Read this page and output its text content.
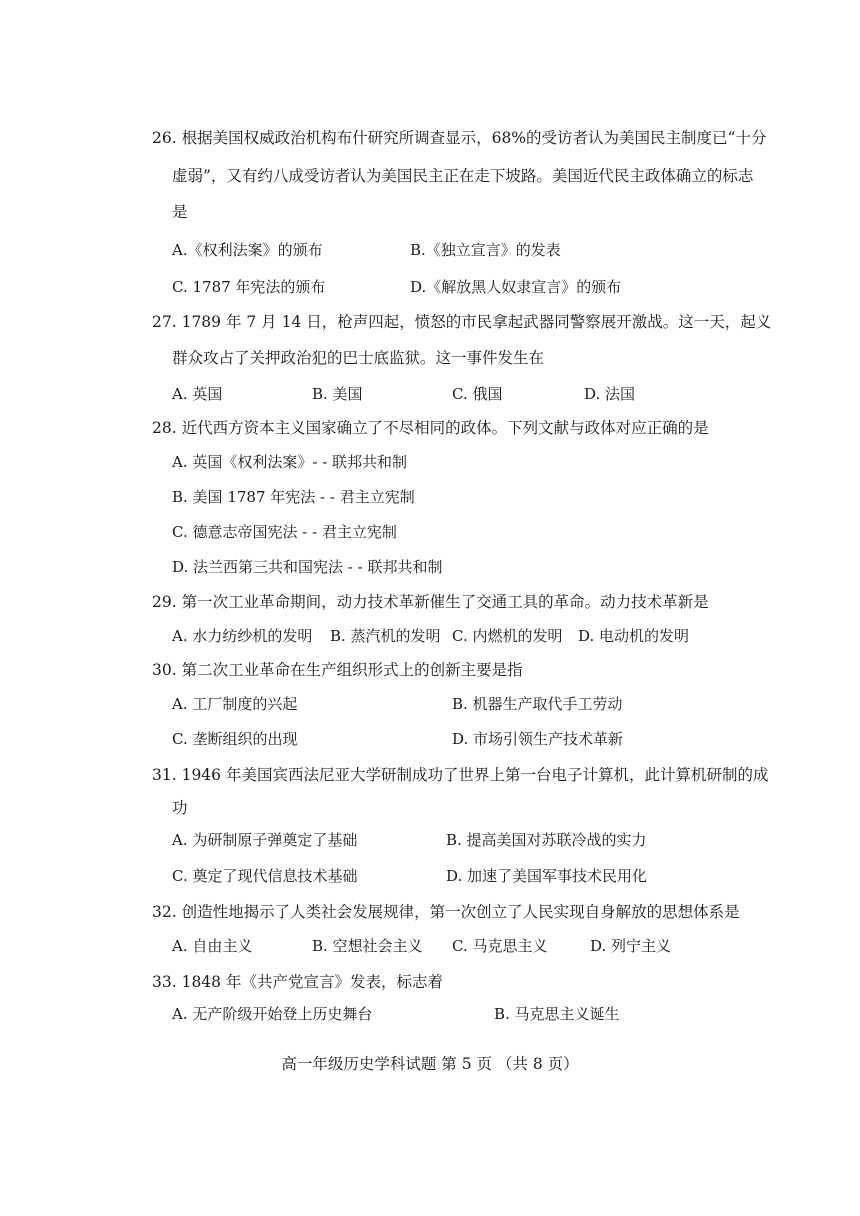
26. 根据美国权威政治机构布什研究所调查显示，68%的受访者认为美国民主制度已“十分
虚弱”，又有约八成受访者认为美国民主正在走下坡路。美国近代民主政体确立的标志
是
A.《权利法案》的颁布	B.《独立宣言》的发表
C. 1787 年宪法的颁布	D.《解放黑人奴隶宣言》的颁布
27. 1789 年 7 月 14 日，枪声四起，愤怒的市民拿起武器同警察展开激战。这一天，起义
群众攻占了关押政治犯的巴士底监狱。这一事件发生在
A. 英国	B. 美国	C. 俄国	D. 法国
28. 近代西方资本主义国家确立了不尽相同的政体。下列文献与政体对应正确的是
A. 英国《权利法案》- - 联邦共和制
B. 美国 1787 年宪法 - - 君主立宪制
C. 德意志帝国宪法 - - 君主立宪制
D. 法兰西第三共和国宪法 - - 联邦共和制
29. 第一次工业革命期间，动力技术革新催生了交通工具的革命。动力技术革新是
A. 水力纺纱机的发明 B. 蒸汽机的发明 C. 内燃机的发明 D. 电动机的发明
30. 第二次工业革命在生产组织形式上的创新主要是指
A. 工厂制度的兴起	B. 机器生产取代手工劳动
C. 垄断组织的出现	D. 市场引领生产技术革新
31. 1946 年美国宾西法尼亚大学研制成功了世界上第一台电子计算机，此计算机研制的成
功
A. 为研制原子弹奠定了基础	B. 提高美国对苏联冷战的实力
C. 奠定了现代信息技术基础	D. 加速了美国军事技术民用化
32. 创造性地揭示了人类社会发展规律，第一次创立了人民实现自身解放的思想体系是
A. 自由主义	B. 空想社会主义 C. 马克思主义	D. 列宁主义
33. 1848 年《共产党宣言》发表，标志着
A. 无产阶级开始登上历史舞台	B. 马克思主义诞生
高一年级历史学科试题 第 5 页 （共 8 页）
